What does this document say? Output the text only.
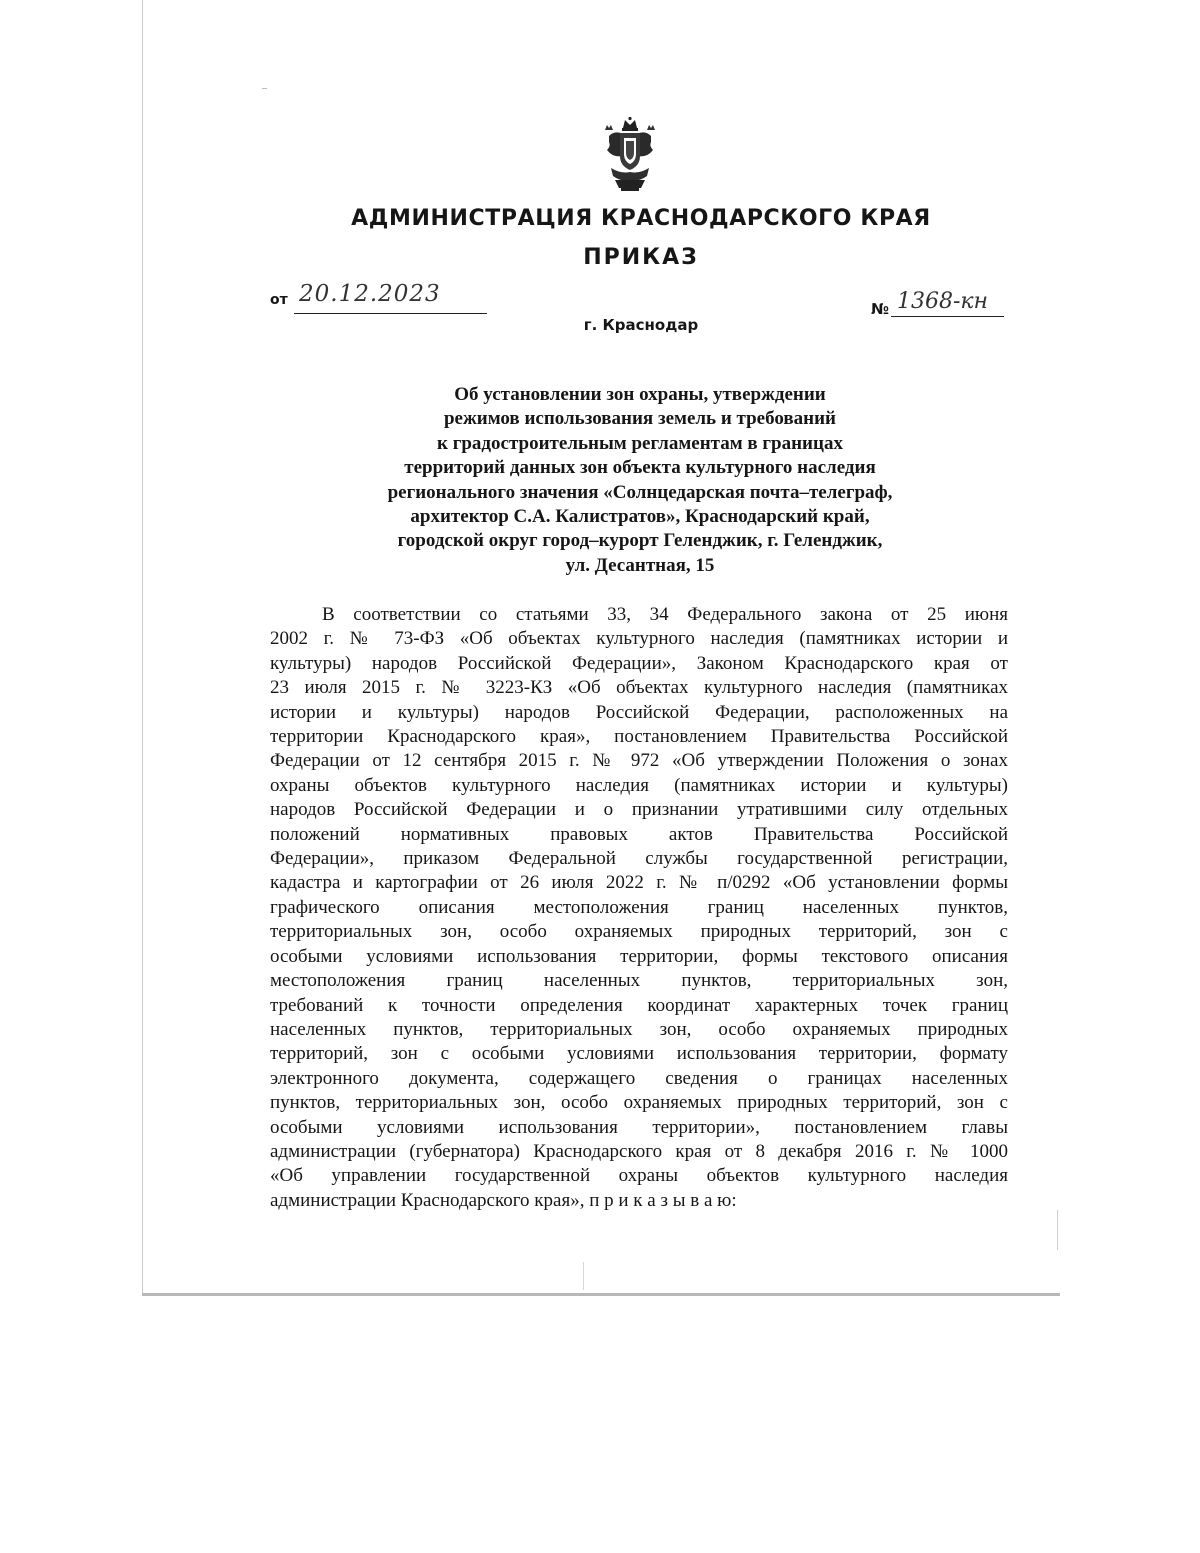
АДМИНИСТРАЦИЯ КРАСНОДАРСКОГО КРАЯ
ПРИКАЗ
от 20.12.2023
№ 1368-кн
г. Краснодар
Об установлении зон охраны, утверждении
режимов использования земель и требований
к градостроительным регламентам в границах
территорий данных зон объекта культурного наследия
регионального значения «Солнцедарская почта–телеграф,
архитектор С.А. Калистратов», Краснодарский край,
городской округ город–курорт Геленджик, г. Геленджик,
ул. Десантная, 15
В соответствии со статьями 33, 34 Федерального закона от 25 июня
2002 г. № 73-ФЗ «Об объектах культурного наследия (памятниках истории и
культуры) народов Российской Федерации», Законом Краснодарского края от
23 июля 2015 г. № 3223-КЗ «Об объектах культурного наследия (памятниках
истории и культуры) народов Российской Федерации, расположенных на
территории Краснодарского края», постановлением Правительства Российской
Федерации от 12 сентября 2015 г. № 972 «Об утверждении Положения о зонах
охраны объектов культурного наследия (памятниках истории и культуры)
народов Российской Федерации и о признании утратившими силу отдельных
положений нормативных правовых актов Правительства Российской
Федерации», приказом Федеральной службы государственной регистрации,
кадастра и картографии от 26 июля 2022 г. № п/0292 «Об установлении формы
графического описания местоположения границ населенных пунктов,
территориальных зон, особо охраняемых природных территорий, зон с
особыми условиями использования территории, формы текстового описания
местоположения границ населенных пунктов, территориальных зон,
требований к точности определения координат характерных точек границ
населенных пунктов, территориальных зон, особо охраняемых природных
территорий, зон с особыми условиями использования территории, формату
электронного документа, содержащего сведения о границах населенных
пунктов, территориальных зон, особо охраняемых природных территорий, зон с
особыми условиями использования территории», постановлением главы
администрации (губернатора) Краснодарского края от 8 декабря 2016 г. № 1000
«Об управлении государственной охраны объектов культурного наследия
администрации Краснодарского края», п р и к а з ы в а ю:
